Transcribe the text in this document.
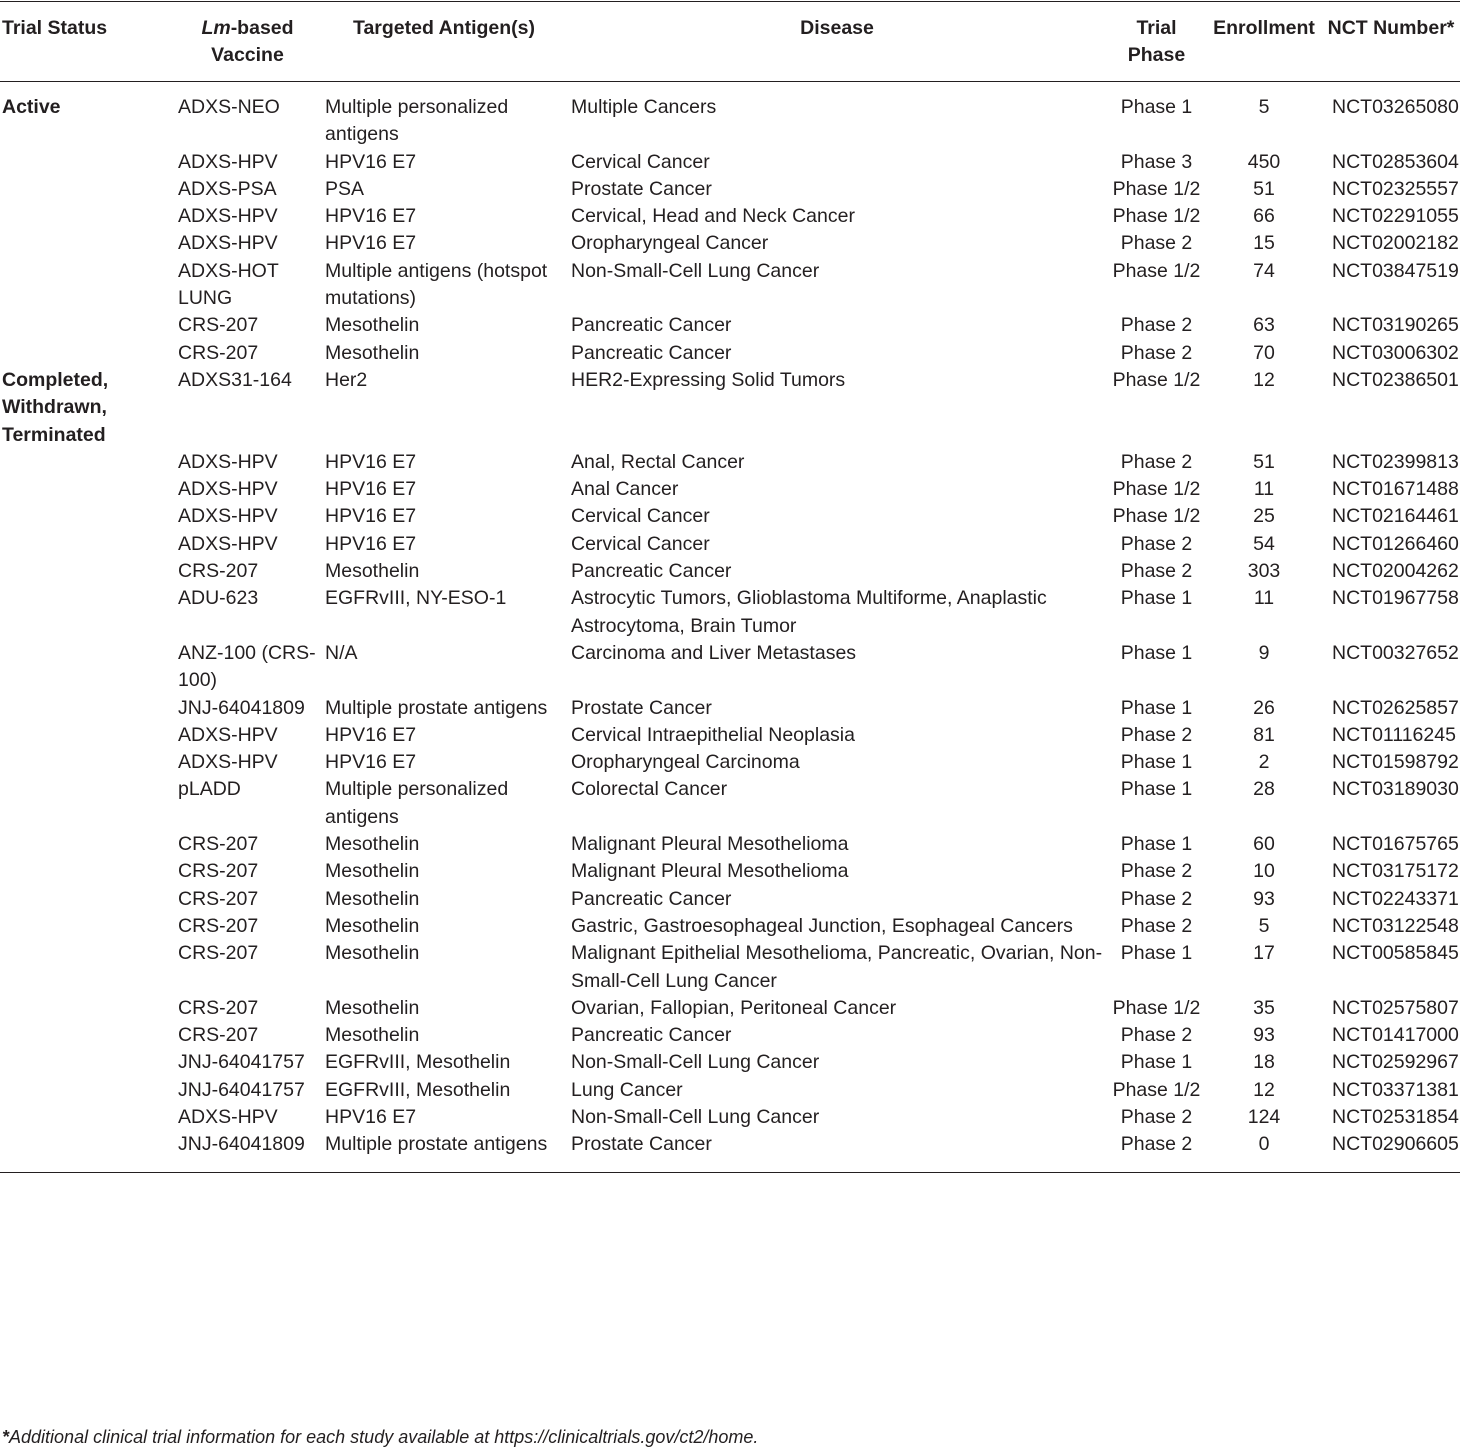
Trial Status	Lm-based Vaccine	Targeted Antigen(s)	Disease	Trial Phase	Enrollment	NCT Number*
Active	ADXS-NEO	Multiple personalized antigens	Multiple Cancers	Phase 1	5	NCT03265080
	ADXS-HPV	HPV16 E7	Cervical Cancer	Phase 3	450	NCT02853604
	ADXS-PSA	PSA	Prostate Cancer	Phase 1/2	51	NCT02325557
	ADXS-HPV	HPV16 E7	Cervical, Head and Neck Cancer	Phase 1/2	66	NCT02291055
	ADXS-HPV	HPV16 E7	Oropharyngeal Cancer	Phase 2	15	NCT02002182
	ADXS-HOT LUNG	Multiple antigens (hotspot mutations)	Non-Small-Cell Lung Cancer	Phase 1/2	74	NCT03847519
	CRS-207	Mesothelin	Pancreatic Cancer	Phase 2	63	NCT03190265
	CRS-207	Mesothelin	Pancreatic Cancer	Phase 2	70	NCT03006302
Completed, Withdrawn, Terminated	ADXS31-164	Her2	HER2-Expressing Solid Tumors	Phase 1/2	12	NCT02386501
	ADXS-HPV	HPV16 E7	Anal, Rectal Cancer	Phase 2	51	NCT02399813
	ADXS-HPV	HPV16 E7	Anal Cancer	Phase 1/2	11	NCT01671488
	ADXS-HPV	HPV16 E7	Cervical Cancer	Phase 1/2	25	NCT02164461
	ADXS-HPV	HPV16 E7	Cervical Cancer	Phase 2	54	NCT01266460
	CRS-207	Mesothelin	Pancreatic Cancer	Phase 2	303	NCT02004262
	ADU-623	EGFRvIII, NY-ESO-1	Astrocytic Tumors, Glioblastoma Multiforme, Anaplastic Astrocytoma, Brain Tumor	Phase 1	11	NCT01967758
	ANZ-100 (CRS-100)	N/A	Carcinoma and Liver Metastases	Phase 1	9	NCT00327652
	JNJ-64041809	Multiple prostate antigens	Prostate Cancer	Phase 1	26	NCT02625857
	ADXS-HPV	HPV16 E7	Cervical Intraepithelial Neoplasia	Phase 2	81	NCT01116245
	ADXS-HPV	HPV16 E7	Oropharyngeal Carcinoma	Phase 1	2	NCT01598792
	pLADD	Multiple personalized antigens	Colorectal Cancer	Phase 1	28	NCT03189030
	CRS-207	Mesothelin	Malignant Pleural Mesothelioma	Phase 1	60	NCT01675765
	CRS-207	Mesothelin	Malignant Pleural Mesothelioma	Phase 2	10	NCT03175172
	CRS-207	Mesothelin	Pancreatic Cancer	Phase 2	93	NCT02243371
	CRS-207	Mesothelin	Gastric, Gastroesophageal Junction, Esophageal Cancers	Phase 2	5	NCT03122548
	CRS-207	Mesothelin	Malignant Epithelial Mesothelioma, Pancreatic, Ovarian, Non-Small-Cell Lung Cancer	Phase 1	17	NCT00585845
	CRS-207	Mesothelin	Ovarian, Fallopian, Peritoneal Cancer	Phase 1/2	35	NCT02575807
	CRS-207	Mesothelin	Pancreatic Cancer	Phase 2	93	NCT01417000
	JNJ-64041757	EGFRvIII, Mesothelin	Non-Small-Cell Lung Cancer	Phase 1	18	NCT02592967
	JNJ-64041757	EGFRvIII, Mesothelin	Lung Cancer	Phase 1/2	12	NCT03371381
	ADXS-HPV	HPV16 E7	Non-Small-Cell Lung Cancer	Phase 2	124	NCT02531854
	JNJ-64041809	Multiple prostate antigens	Prostate Cancer	Phase 2	0	NCT02906605
*Additional clinical trial information for each study available at https://clinicaltrials.gov/ct2/home.
